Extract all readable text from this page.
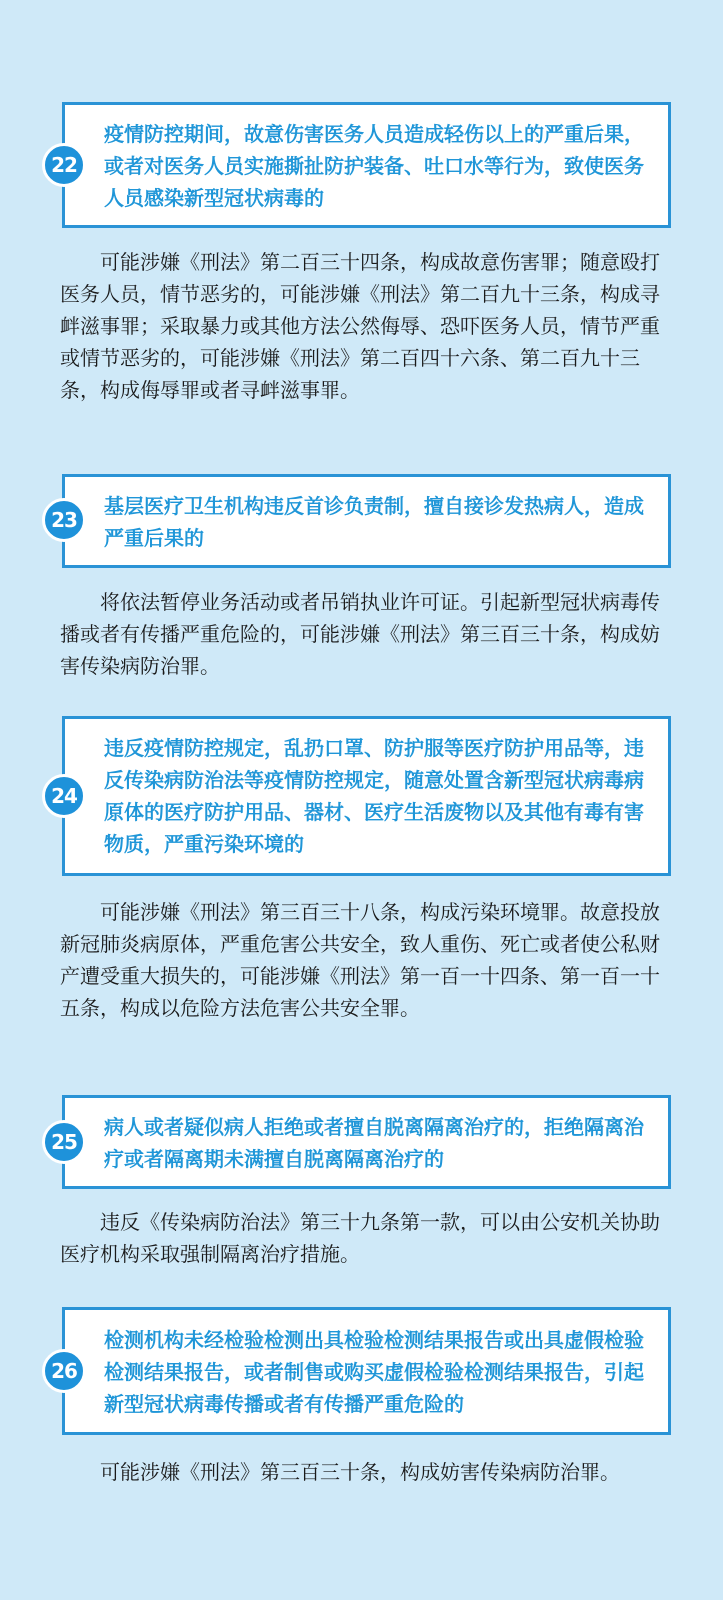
22

疫情防控期间，故意伤害医务人员造成轻伤以上的严重后果，或者对医务人员实施撕扯防护装备、吐口水等行为，致使医务人员感染新型冠状病毒的

可能涉嫌《刑法》第二百三十四条，构成故意伤害罪；随意殴打医务人员，情节恶劣的，可能涉嫌《刑法》第二百九十三条，构成寻衅滋事罪；采取暴力或其他方法公然侮辱、恐吓医务人员，情节严重或情节恶劣的，可能涉嫌《刑法》第二百四十六条、第二百九十三条，构成侮辱罪或者寻衅滋事罪。

23

基层医疗卫生机构违反首诊负责制，擅自接诊发热病人，造成严重后果的

将依法暂停业务活动或者吊销执业许可证。引起新型冠状病毒传播或者有传播严重危险的，可能涉嫌《刑法》第三百三十条，构成妨害传染病防治罪。

24

违反疫情防控规定，乱扔口罩、防护服等医疗防护用品等，违反传染病防治法等疫情防控规定，随意处置含新型冠状病毒病原体的医疗防护用品、器材、医疗生活废物以及其他有毒有害物质，严重污染环境的

可能涉嫌《刑法》第三百三十八条，构成污染环境罪。故意投放新冠肺炎病原体，严重危害公共安全，致人重伤、死亡或者使公私财产遭受重大损失的，可能涉嫌《刑法》第一百一十四条、第一百一十五条，构成以危险方法危害公共安全罪。

25

病人或者疑似病人拒绝或者擅自脱离隔离治疗的，拒绝隔离治疗或者隔离期未满擅自脱离隔离治疗的

违反《传染病防治法》第三十九条第一款，可以由公安机关协助医疗机构采取强制隔离治疗措施。

26

检测机构未经检验检测出具检验检测结果报告或出具虚假检验检测结果报告，或者制售或购买虚假检验检测结果报告，引起新型冠状病毒传播或者有传播严重危险的

可能涉嫌《刑法》第三百三十条，构成妨害传染病防治罪。
